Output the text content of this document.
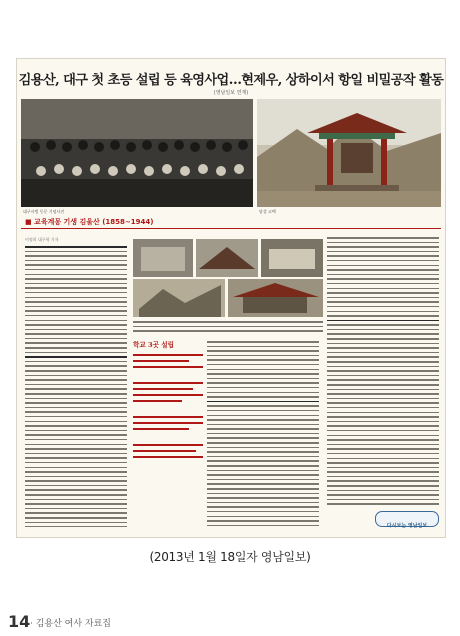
김용산, 대구 첫 초등 설립 등 육영사업…현제우, 상하이서 항일 비밀공작 활동
(영남일보 연재)
대구사범 동문 기념사진	달성 고택
■ 교육계몽 기생 김울산 (1858~1944)
이정희 대구학 기자
학교 3곳 설립
다시보는 영남일보
(2013년 1월 18일자 영남일보)
14 · 김용산 여사 자료집
